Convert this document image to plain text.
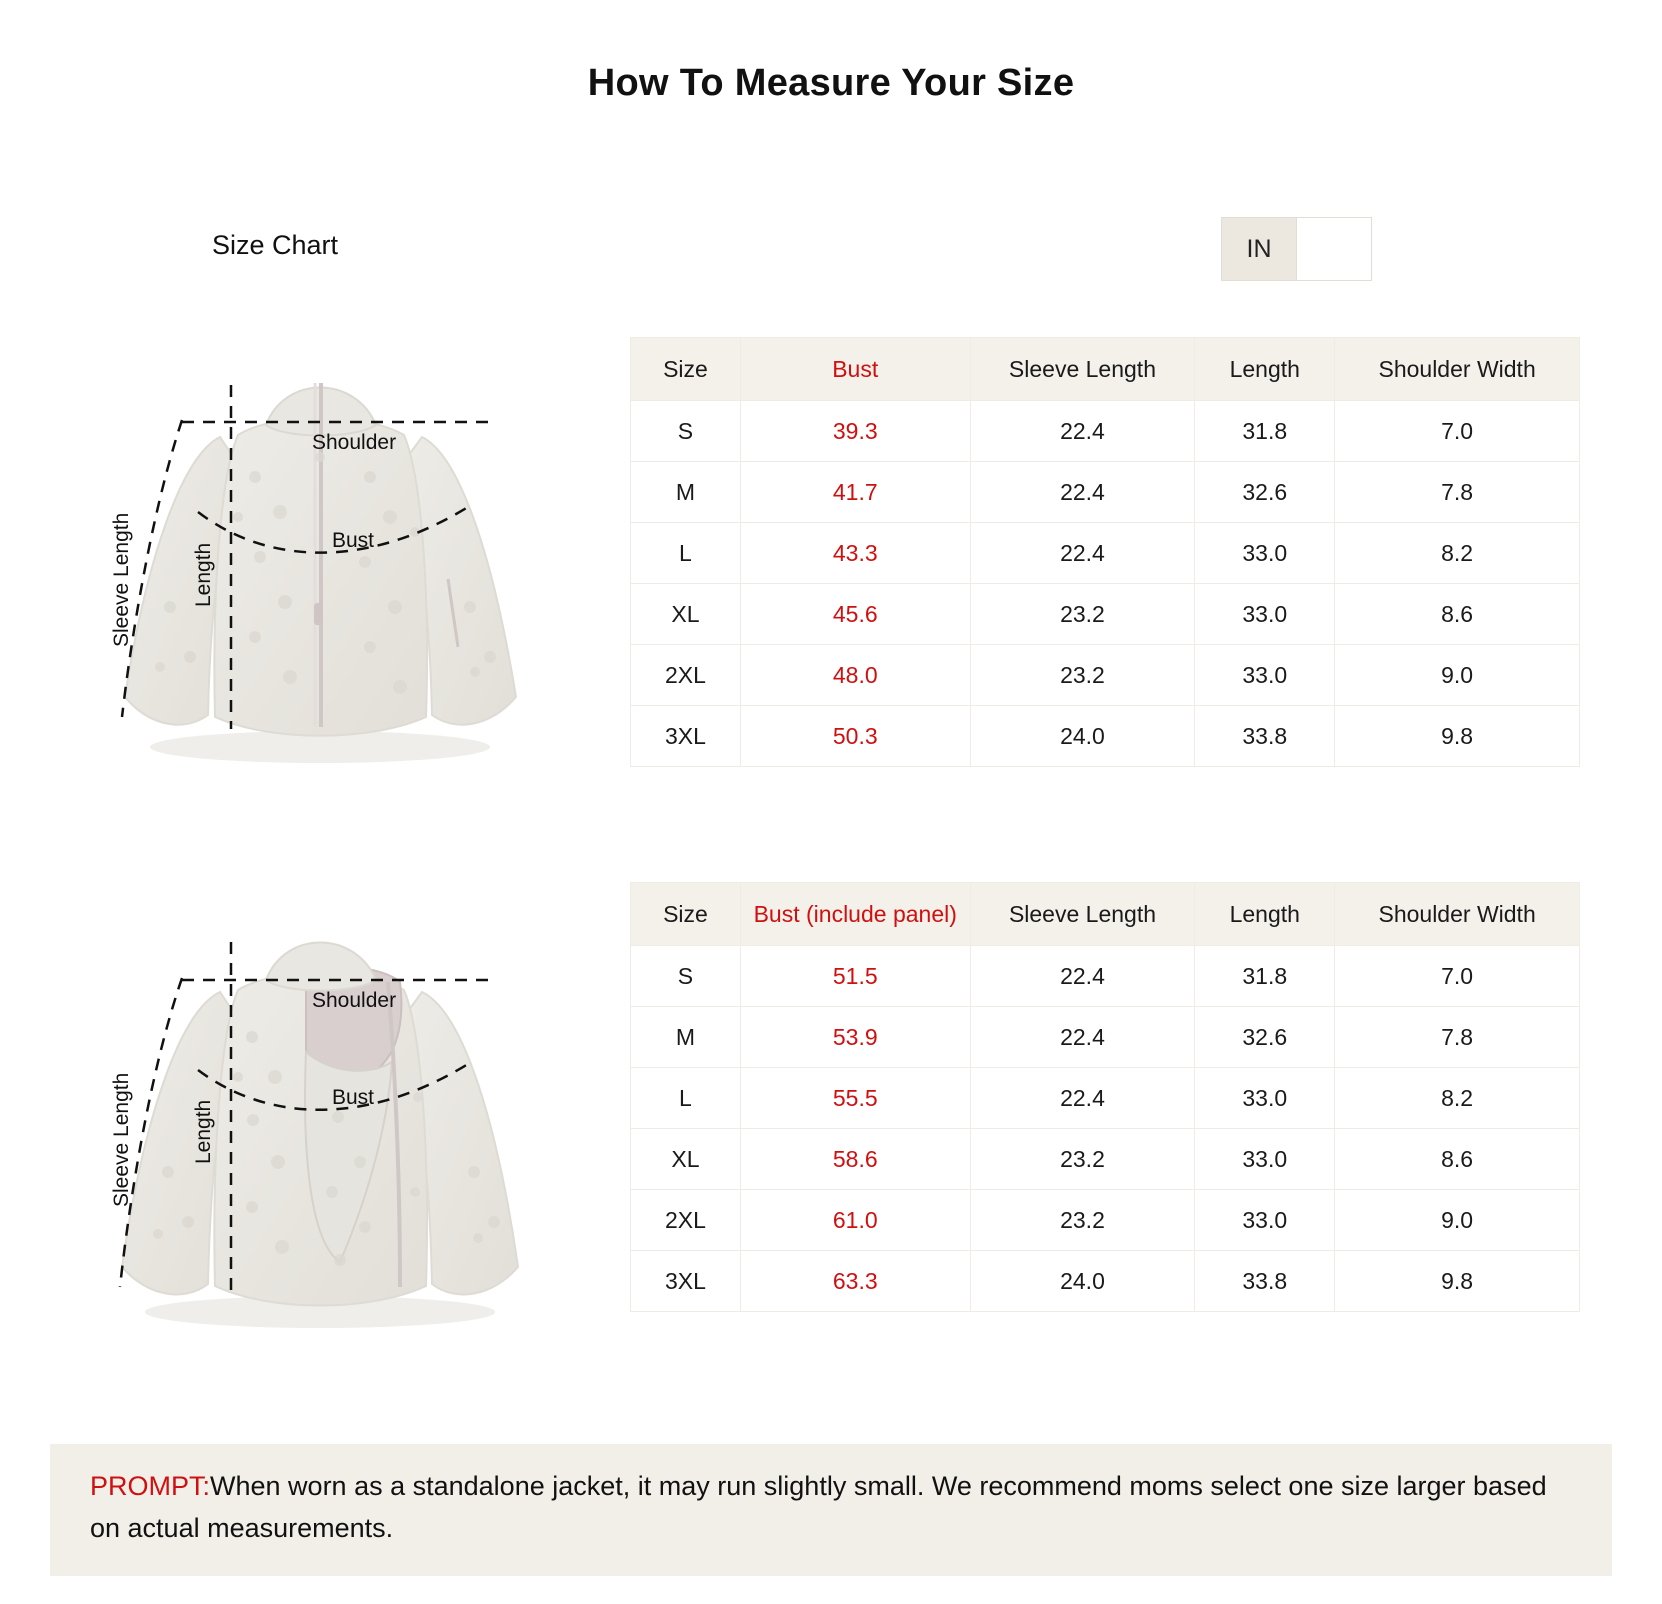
How To Measure Your Size
Size Chart	IN
Shoulder
Bust
Length
Sleeve Length
Size	Bust	Sleeve Length	Length	Shoulder Width
S	39.3	22.4	31.8	7.0
M	41.7	22.4	32.6	7.8
L	43.3	22.4	33.0	8.2
XL	45.6	23.2	33.0	8.6
2XL	48.0	23.2	33.0	9.0
3XL	50.3	24.0	33.8	9.8
Shoulder
Bust
Length
Sleeve Length
Size	Bust (include panel)	Sleeve Length	Length	Shoulder Width
S	51.5	22.4	31.8	7.0
M	53.9	22.4	32.6	7.8
L	55.5	22.4	33.0	8.2
XL	58.6	23.2	33.0	8.6
2XL	61.0	23.2	33.0	9.0
3XL	63.3	24.0	33.8	9.8
PROMPT:When worn as a standalone jacket, it may run slightly small. We recommend moms select one size larger based on actual measurements.
